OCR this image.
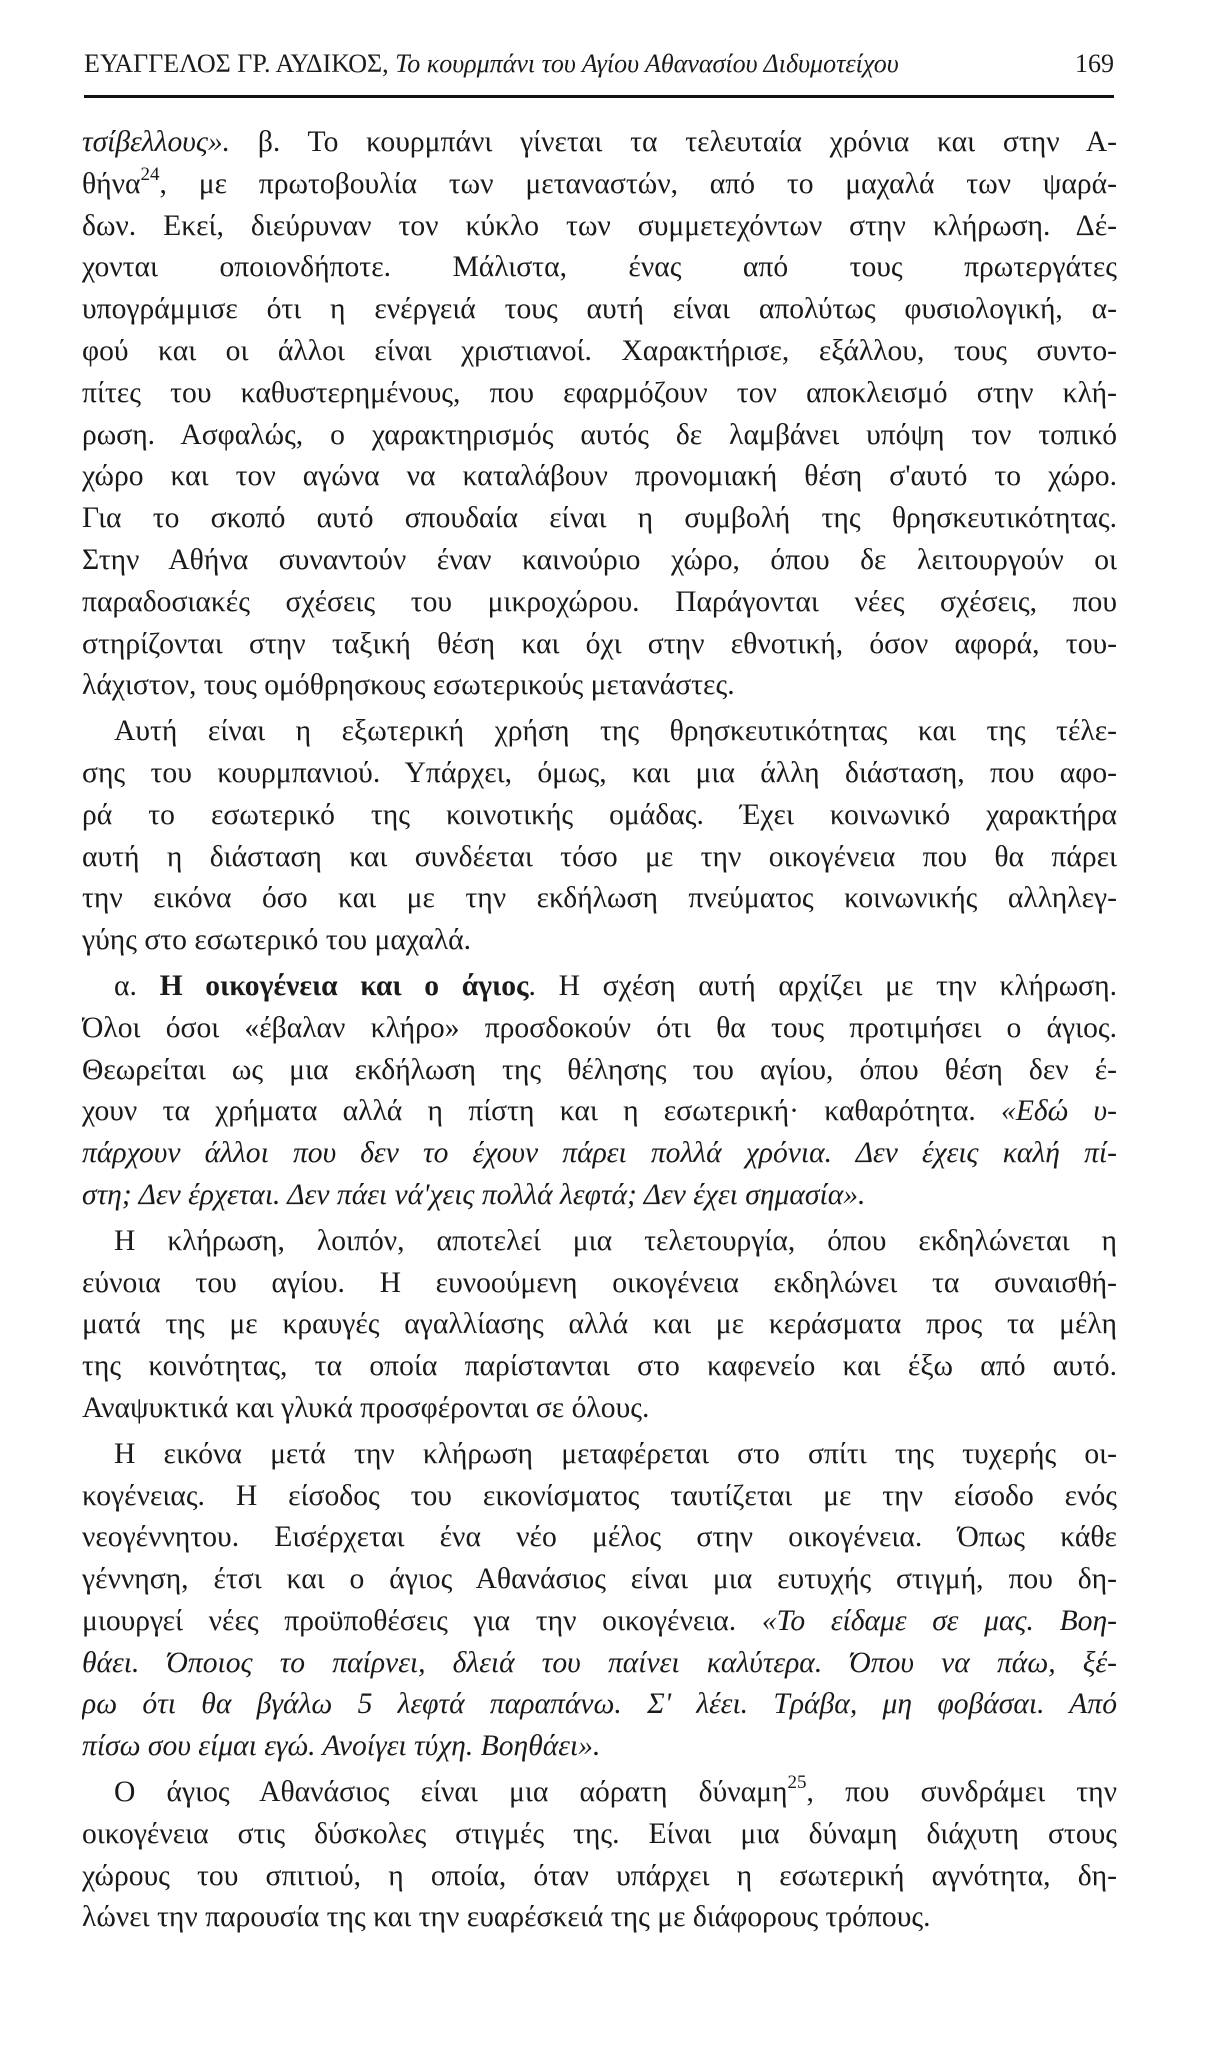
ΕΥΑΓΓΕΛΟΣ ΓΡ. ΑΥΔΙΚΟΣ, Το κουρμπάνι του Αγίου Αθανασίου Διδυμοτείχου	169
τσίβελλους». β. Το κουρμπάνι γίνεται τα τελευταία χρόνια και στην Α-
θήνα$^{24}$, με πρωτοβουλία των μεταναστών, από το μαχαλά των ψαρά-
δων. Εκεί, διεύρυναν τον κύκλο των συμμετεχόντων στην κλήρωση. Δέ-
χονται οποιονδήποτε. Μάλιστα, ένας από τους πρωτεργάτες
υπογράμμισε ότι η ενέργειά τους αυτή είναι απολύτως φυσιολογική, α-
φού και οι άλλοι είναι χριστιανοί. Χαρακτήρισε, εξάλλου, τους συντο-
πίτες του καθυστερημένους, που εφαρμόζουν τον αποκλεισμό στην κλή-
ρωση. Ασφαλώς, ο χαρακτηρισμός αυτός δε λαμβάνει υπόψη τον τοπικό
χώρο και τον αγώνα να καταλάβουν προνομιακή θέση σ'αυτό το χώρο.
Για το σκοπό αυτό σπουδαία είναι η συμβολή της θρησκευτικότητας.
Στην Αθήνα συναντούν έναν καινούριο χώρο, όπου δε λειτουργούν οι
παραδοσιακές σχέσεις του μικροχώρου. Παράγονται νέες σχέσεις, που
στηρίζονται στην ταξική θέση και όχι στην εθνοτική, όσον αφορά, του-
λάχιστον, τους ομόθρησκους εσωτερικούς μετανάστες.
Αυτή είναι η εξωτερική χρήση της θρησκευτικότητας και της τέλε-
σης του κουρμπανιού. Υπάρχει, όμως, και μια άλλη διάσταση, που αφο-
ρά το εσωτερικό της κοινοτικής ομάδας. Έχει κοινωνικό χαρακτήρα
αυτή η διάσταση και συνδέεται τόσο με την οικογένεια που θα πάρει
την εικόνα όσο και με την εκδήλωση πνεύματος κοινωνικής αλληλεγ-
γύης στο εσωτερικό του μαχαλά.
α. Η οικογένεια και ο άγιος. Η σχέση αυτή αρχίζει με την κλήρωση.
Όλοι όσοι «έβαλαν κλήρο» προσδοκούν ότι θα τους προτιμήσει ο άγιος.
Θεωρείται ως μια εκδήλωση της θέλησης του αγίου, όπου θέση δεν έ-
χουν τα χρήματα αλλά η πίστη και η εσωτερική· καθαρότητα. «Εδώ υ-
πάρχουν άλλοι που δεν το έχουν πάρει πολλά χρόνια. Δεν έχεις καλή πί-
στη; Δεν έρχεται. Δεν πάει νά'χεις πολλά λεφτά; Δεν έχει σημασία».
Η κλήρωση, λοιπόν, αποτελεί μια τελετουργία, όπου εκδηλώνεται η
εύνοια του αγίου. Η ευνοούμενη οικογένεια εκδηλώνει τα συναισθή-
ματά της με κραυγές αγαλλίασης αλλά και με κεράσματα προς τα μέλη
της κοινότητας, τα οποία παρίστανται στο καφενείο και έξω από αυτό.
Αναψυκτικά και γλυκά προσφέρονται σε όλους.
Η εικόνα μετά την κλήρωση μεταφέρεται στο σπίτι της τυχερής οι-
κογένειας. Η είσοδος του εικονίσματος ταυτίζεται με την είσοδο ενός
νεογέννητου. Εισέρχεται ένα νέο μέλος στην οικογένεια. Όπως κάθε
γέννηση, έτσι και ο άγιος Αθανάσιος είναι μια ευτυχής στιγμή, που δη-
μιουργεί νέες προϋποθέσεις για την οικογένεια. «Το είδαμε σε μας. Βοη-
θάει. Όποιος το παίρνει, δλειά του παίνει καλύτερα. Όπου να πάω, ξέ-
ρω ότι θα βγάλω 5 λεφτά παραπάνω. Σ' λέει. Τράβα, μη φοβάσαι. Από
πίσω σου είμαι εγώ. Ανοίγει τύχη. Βοηθάει».
Ο άγιος Αθανάσιος είναι μια αόρατη δύναμη$^{25}$, που συνδράμει την
οικογένεια στις δύσκολες στιγμές της. Είναι μια δύναμη διάχυτη στους
χώρους του σπιτιού, η οποία, όταν υπάρχει η εσωτερική αγνότητα, δη-
λώνει την παρουσία της και την ευαρέσκειά της με διάφορους τρόπους.
